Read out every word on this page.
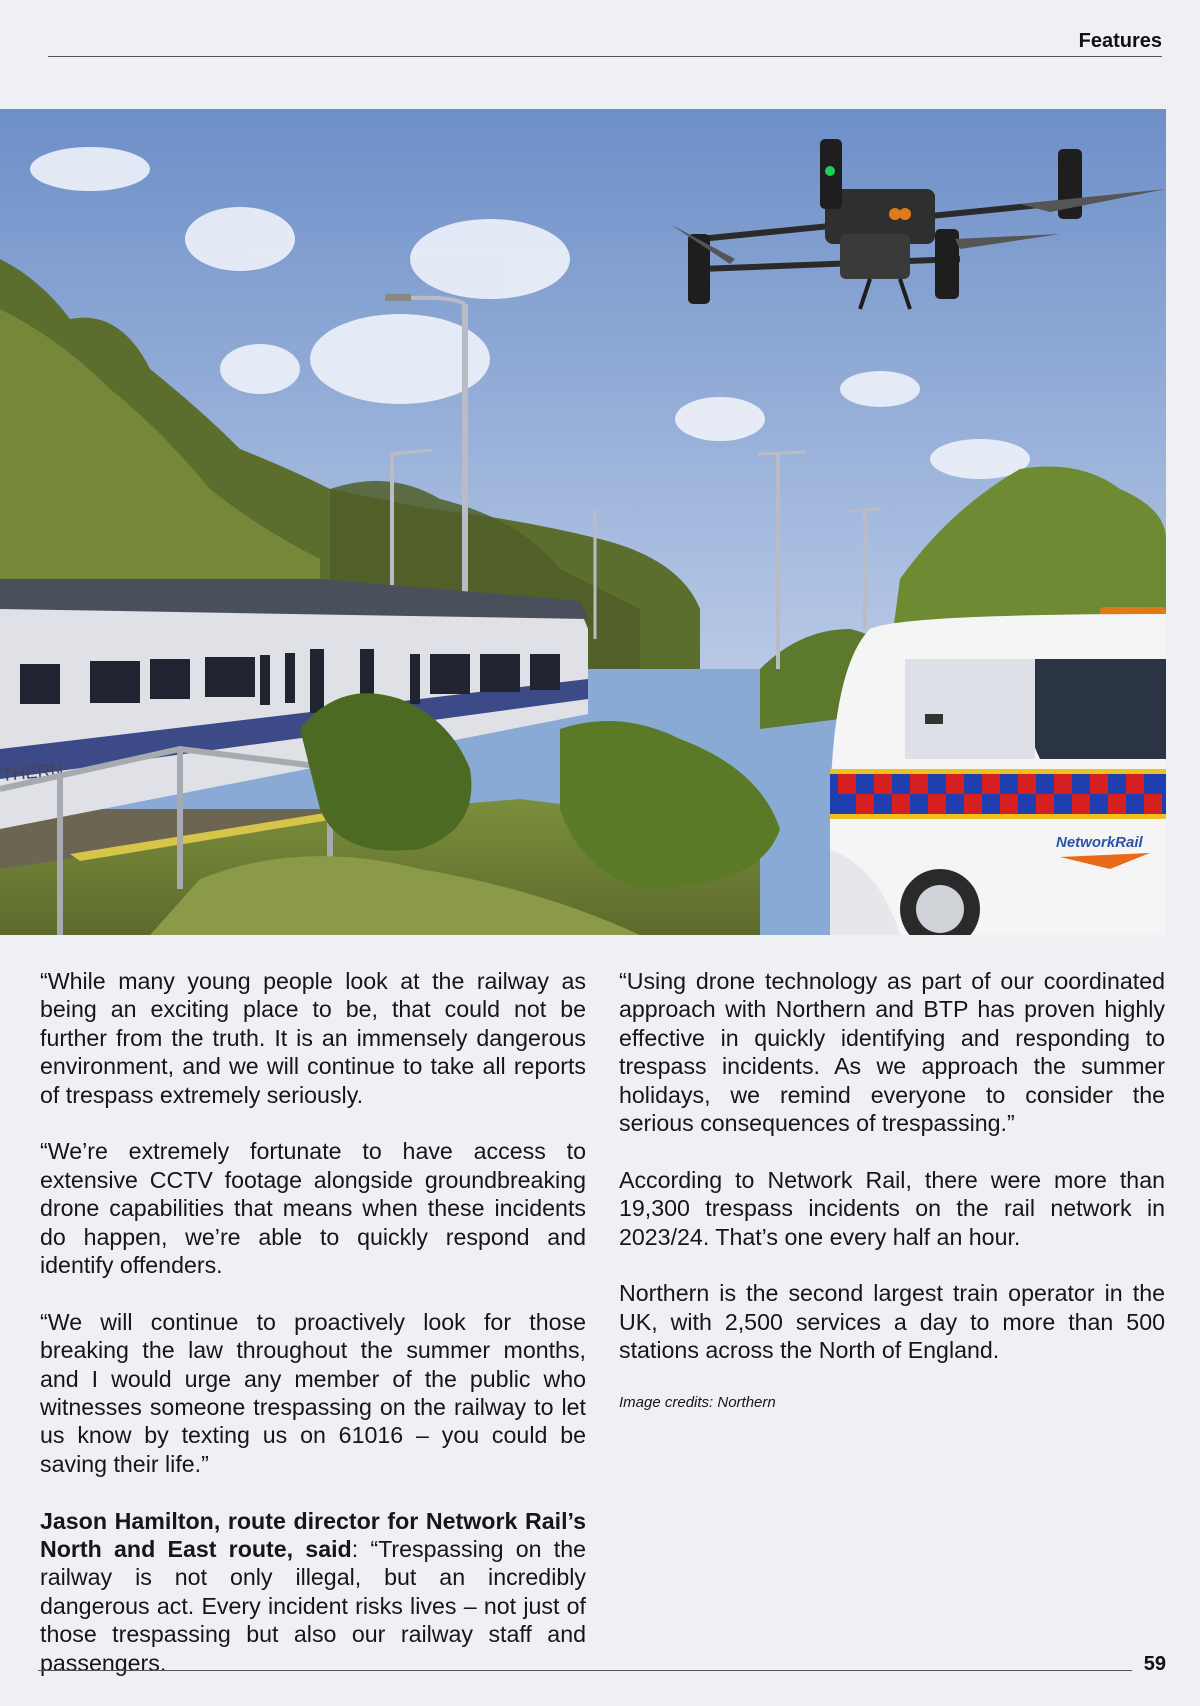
Features
THERN
NetworkRail

“While many young people look at the railway as being an exciting place to be, that could not be further from the truth. It is an immensely dangerous environment, and we will continue to take all reports of trespass extremely seriously.

“We’re extremely fortunate to have access to extensive CCTV footage alongside groundbreaking drone capabilities that means when these incidents do happen, we’re able to quickly respond and identify offenders.

“We will continue to proactively look for those breaking the law throughout the summer months, and I would urge any member of the public who witnesses someone trespassing on the railway to let us know by texting us on 61016 – you could be saving their life.”

Jason Hamilton, route director for Network Rail’s North and East route, said: “Trespassing on the railway is not only illegal, but an incredibly dangerous act. Every incident risks lives – not just of those trespassing but also our railway staff and passengers.

“Using drone technology as part of our coordinated approach with Northern and BTP has proven highly effective in quickly identifying and responding to trespass incidents. As we approach the summer holidays, we remind everyone to consider the serious consequences of trespassing.”

According to Network Rail, there were more than 19,300 trespass incidents on the rail network in 2023/24. That’s one every half an hour.

Northern is the second largest train operator in the UK, with 2,500 services a day to more than 500 stations across the North of England.

Image credits: Northern

59
